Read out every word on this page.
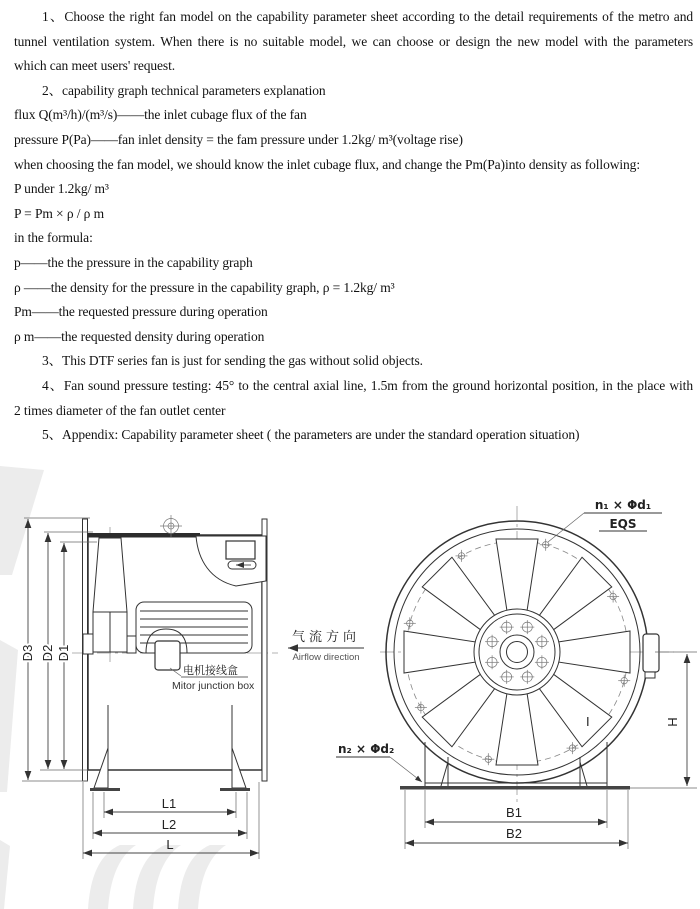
1、Choose the right fan model on the capability parameter sheet according to the detail requirements of the metro and
tunnel ventilation system. When there is no suitable model, we can choose or design the new model with the parameters
which can meet users' request.
2、capability graph technical parameters explanation
flux Q(m³/h)/(m³/s)——the inlet cubage flux of the fan
pressure P(Pa)——fan inlet density = the fam pressure under 1.2kg/ m³(voltage rise)
when choosing the fan model, we should know the inlet cubage flux, and change the Pm(Pa)into density as following:
P under 1.2kg/ m³
P = Pm × ρ / ρ m
in the formula:
p——the the pressure in the capability graph
ρ ——the density for the pressure in the capability graph, ρ = 1.2kg/ m³
Pm——the requested pressure during operation
ρ m——the requested density during operation
3、This DTF series fan is just for sending the gas without solid objects.
4、Fan sound pressure testing: 45° to the central axial line, 1.5m from the ground horizontal position, in the place with
2 times diameter of the fan outlet center
5、Appendix: Capability parameter sheet ( the parameters are under the standard operation situation)
电机接线盒
Mitor junction box
D3 D2 D1
L1
L2
L
气流方向
Airflow direction
I
n₁ × Φd₁
EQS
n₂ × Φd₂
H
B1
B2
